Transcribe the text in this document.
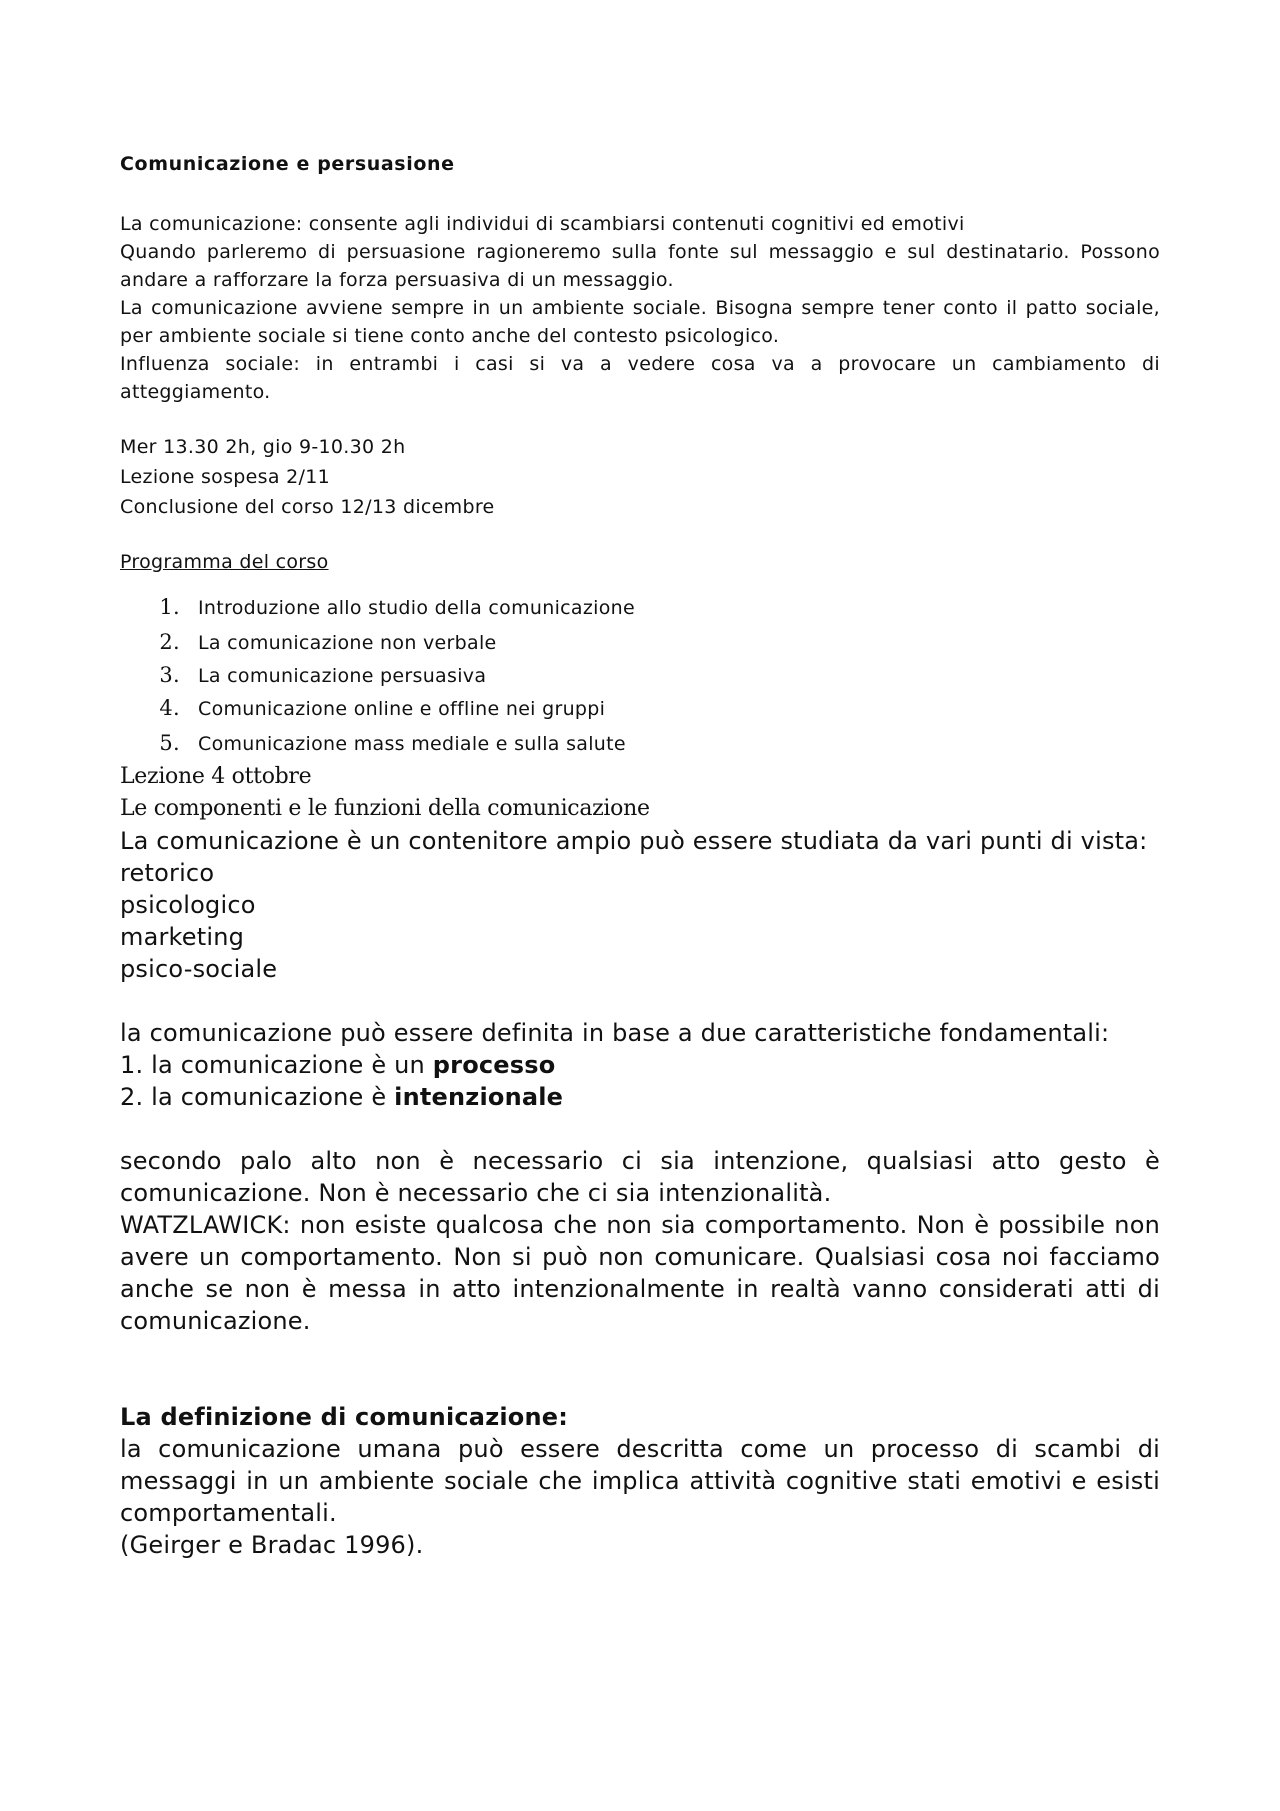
Comunicazione e persuasione

La comunicazione: consente agli individui di scambiarsi contenuti cognitivi ed emotivi

Quando parleremo di persuasione ragioneremo sulla fonte sul messaggio e sul destinatario. Possono andare a rafforzare la forza persuasiva di un messaggio.

La comunicazione avviene sempre in un ambiente sociale. Bisogna sempre tener conto il patto sociale, per ambiente sociale si tiene conto anche del contesto psicologico.

Influenza sociale: in entrambi i casi si va a vedere cosa va a provocare un cambiamento di atteggiamento.

Mer 13.30 2h, gio 9-10.30 2h

Lezione sospesa 2/11

Conclusione del corso 12/13 dicembre

Programma del corso

1. Introduzione allo studio della comunicazione
2. La comunicazione non verbale
3. La comunicazione persuasiva
4. Comunicazione online e offline nei gruppi
5. Comunicazione mass mediale e sulla salute

Lezione 4 ottobre

Le componenti e le funzioni della comunicazione

La comunicazione è un contenitore ampio può essere studiata da vari punti di vista:

retorico

psicologico

marketing

psico-sociale

la comunicazione può essere definita in base a due caratteristiche fondamentali:

1. la comunicazione è un processo

2. la comunicazione è intenzionale

secondo palo alto non è necessario ci sia intenzione, qualsiasi atto gesto è comunicazione. Non è necessario che ci sia intenzionalità.

WATZLAWICK: non esiste qualcosa che non sia comportamento. Non è possibile non avere un comportamento. Non si può non comunicare. Qualsiasi cosa noi facciamo anche se non è messa in atto intenzionalmente in realtà vanno considerati atti di comunicazione.

La definizione di comunicazione:

la comunicazione umana può essere descritta come un processo di scambi di messaggi in un ambiente sociale che implica attività cognitive stati emotivi e esisti comportamentali.

(Geirger e Bradac 1996).
